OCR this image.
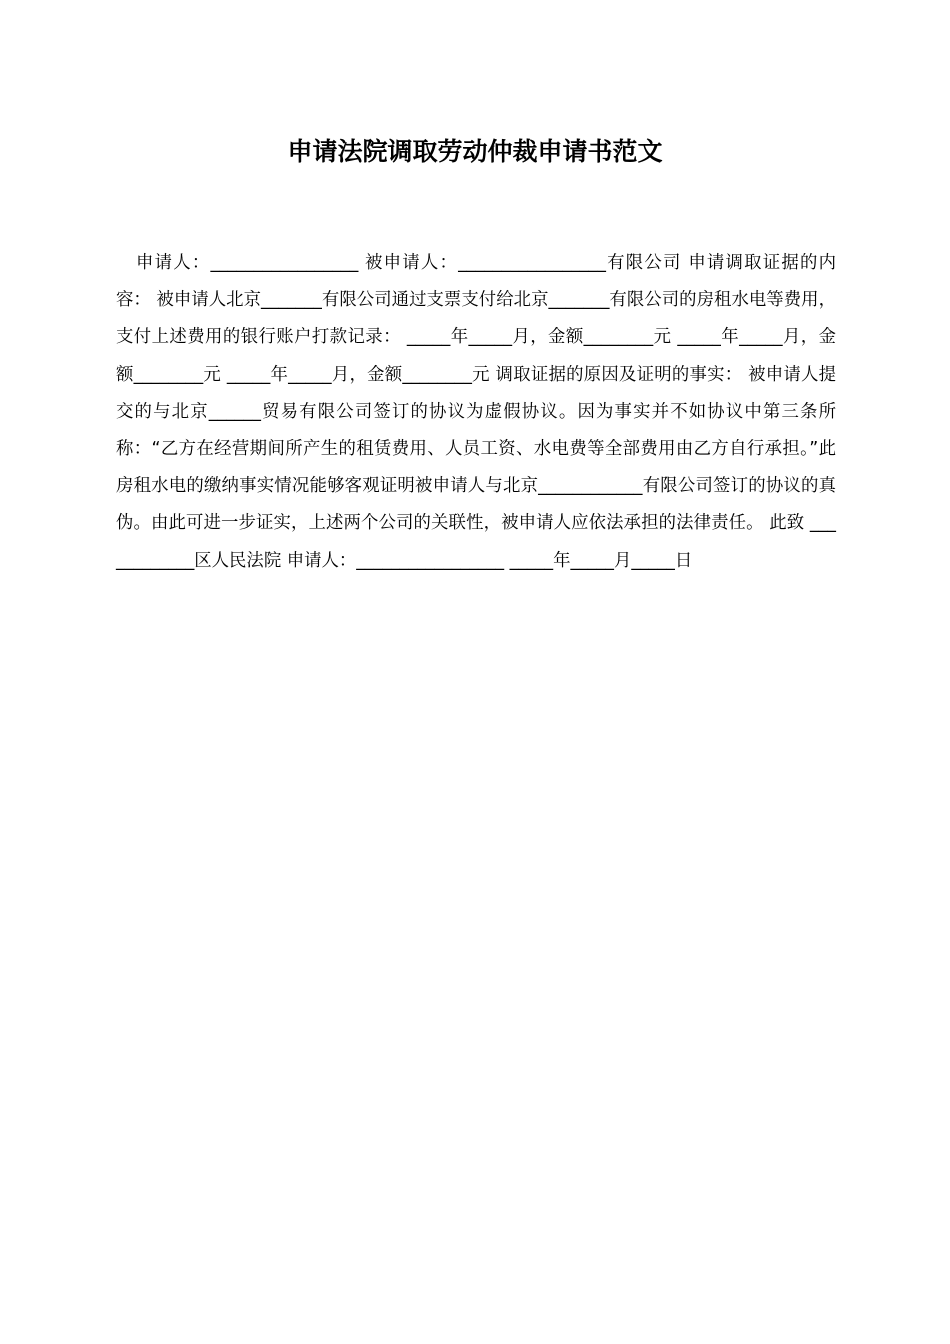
申请法院调取劳动仲裁申请书范文

申请人：_________________ 被申请人：_________________有限公司 申请调取证据的内容： 被申请人北京_______有限公司通过支票支付给北京_______有限公司的房租水电等费用，支付上述费用的银行账户打款记录： _____年_____月，金额________元 _____年_____月，金额________元 _____年_____月，金额________元 调取证据的原因及证明的事实： 被申请人提交的与北京______贸易有限公司签订的协议为虚假协议。因为事实并不如协议中第三条所称：“乙方在经营期间所产生的租赁费用、人员工资、水电费等全部费用由乙方自行承担。”此房租水电的缴纳事实情况能够客观证明被申请人与北京____________有限公司签订的协议的真伪。由此可进一步证实，上述两个公司的关联性，被申请人应依法承担的法律责任。 此致 ____________区人民法院 申请人：_________________ _____年_____月_____日
